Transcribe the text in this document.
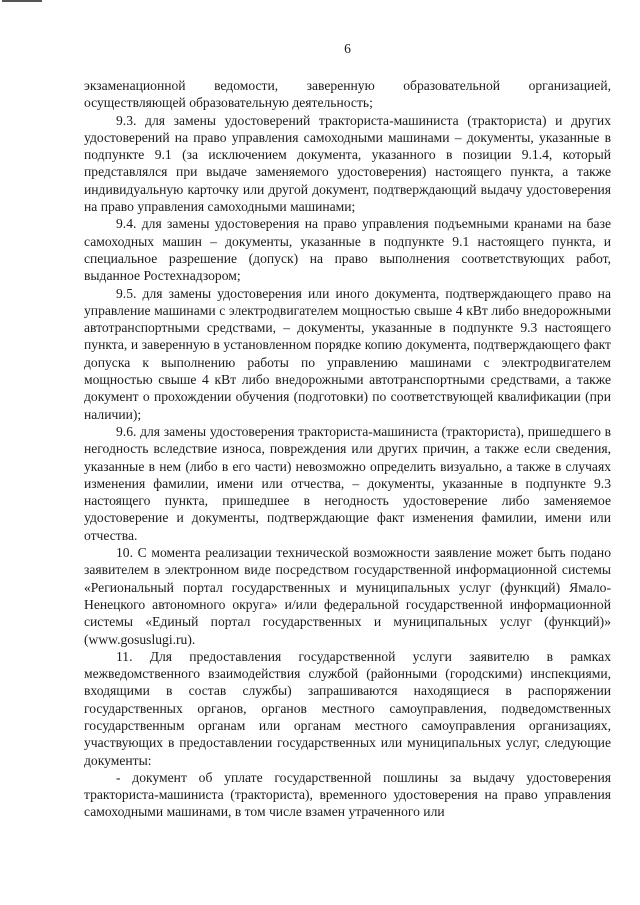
6

экзаменационной ведомости, заверенную образовательной организацией, осуществляющей образовательную деятельность;

9.3. для замены удостоверений тракториста-машиниста (тракториста) и других удостоверений на право управления самоходными машинами – документы, указанные в подпункте 9.1 (за исключением документа, указанного в позиции 9.1.4, который представлялся при выдаче заменяемого удостоверения) настоящего пункта, а также индивидуальную карточку или другой документ, подтверждающий выдачу удостоверения на право управления самоходными машинами;

9.4. для замены удостоверения на право управления подъемными кранами на базе самоходных машин – документы, указанные в подпункте 9.1 настоящего пункта, и специальное разрешение (допуск) на право выполнения соответствующих работ, выданное Ростехнадзором;

9.5. для замены удостоверения или иного документа, подтверждающего право на управление машинами с электродвигателем мощностью свыше 4 кВт либо внедорожными автотранспортными средствами, – документы, указанные в подпункте 9.3 настоящего пункта, и заверенную в установленном порядке копию документа, подтверждающего факт допуска к выполнению работы по управлению машинами с электродвигателем мощностью свыше 4 кВт либо внедорожными автотранспортными средствами, а также документ о прохождении обучения (подготовки) по соответствующей квалификации (при наличии);

9.6. для замены удостоверения тракториста-машиниста (тракториста), пришедшего в негодность вследствие износа, повреждения или других причин, а также если сведения, указанные в нем (либо в его части) невозможно определить визуально, а также в случаях изменения фамилии, имени или отчества, – документы, указанные в подпункте 9.3 настоящего пункта, пришедшее в негодность удостоверение либо заменяемое удостоверение и документы, подтверждающие факт изменения фамилии, имени или отчества.

10. С момента реализации технической возможности заявление может быть подано заявителем в электронном виде посредством государственной информационной системы «Региональный портал государственных и муниципальных услуг (функций) Ямало-Ненецкого автономного округа» и/или федеральной государственной информационной системы «Единый портал государственных и муниципальных услуг (функций)» (www.gosuslugi.ru).

11. Для предоставления государственной услуги заявителю в рамках межведомственного взаимодействия службой (районными (городскими) инспекциями, входящими в состав службы) запрашиваются находящиеся в распоряжении государственных органов, органов местного самоуправления, подведомственных государственным органам или органам местного самоуправления организациях, участвующих в предоставлении государственных или муниципальных услуг, следующие документы:

- документ об уплате государственной пошлины за выдачу удостоверения тракториста-машиниста (тракториста), временного удостоверения на право управления самоходными машинами, в том числе взамен утраченного или
